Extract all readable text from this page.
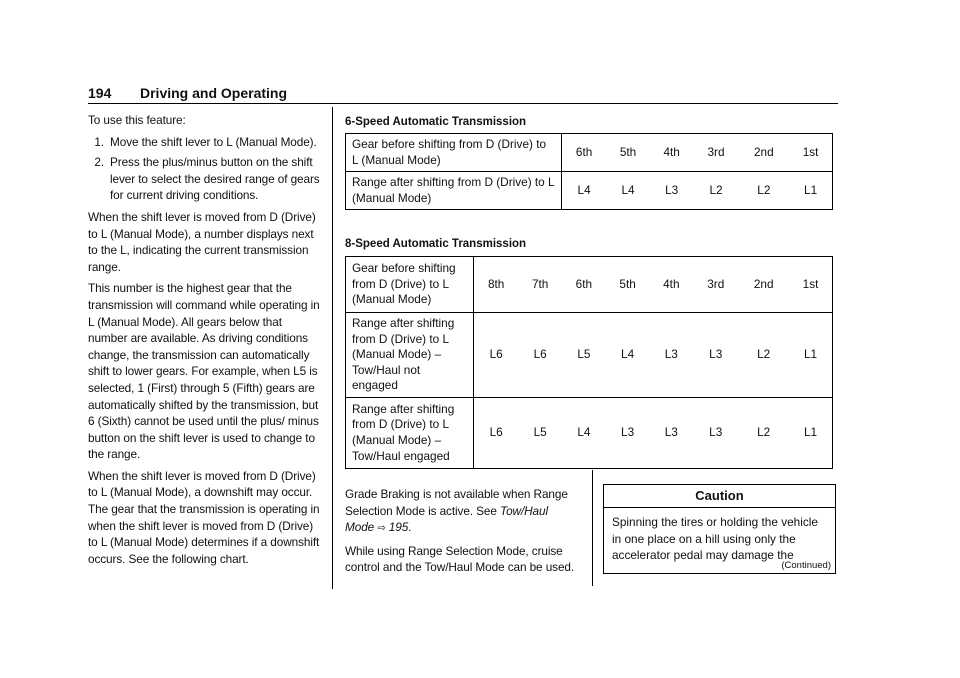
194 Driving and Operating

To use this feature:

1. Move the shift lever to L (Manual Mode).
2. Press the plus/minus button on the shift lever to select the desired range of gears for current driving conditions.

When the shift lever is moved from D (Drive) to L (Manual Mode), a number displays next to the L, indicating the current transmission range.

This number is the highest gear that the transmission will command while operating in L (Manual Mode). All gears below that number are available. As driving conditions change, the transmission can automatically shift to lower gears. For example, when L5 is selected, 1 (First) through 5 (Fifth) gears are automatically shifted by the transmission, but 6 (Sixth) cannot be used until the plus/ minus button on the shift lever is used to change to the range.

When the shift lever is moved from D (Drive) to L (Manual Mode), a downshift may occur. The gear that the transmission is operating in when the shift lever is moved from D (Drive) to L (Manual Mode) determines if a downshift occurs. See the following chart.

6-Speed Automatic Transmission
Gear before shifting from D (Drive) to L (Manual Mode)	6th	5th	4th	3rd	2nd	1st
Range after shifting from D (Drive) to L (Manual Mode)	L4	L4	L3	L2	L2	L1
8-Speed Automatic Transmission
Gear before shifting from D (Drive) to L (Manual Mode)	8th	7th	6th	5th	4th	3rd	2nd	1st
Range after shifting from D (Drive) to L (Manual Mode) – Tow/Haul not engaged	L6	L6	L5	L4	L3	L3	L2	L1
Range after shifting from D (Drive) to L (Manual Mode) – Tow/Haul engaged	L6	L5	L4	L3	L3	L3	L2	L1

Grade Braking is not available when Range Selection Mode is active. See Tow/Haul Mode ⇨ 195.

While using Range Selection Mode, cruise control and the Tow/Haul Mode can be used.

Caution
Spinning the tires or holding the vehicle in one place on a hill using only the accelerator pedal may damage the
(Continued)
